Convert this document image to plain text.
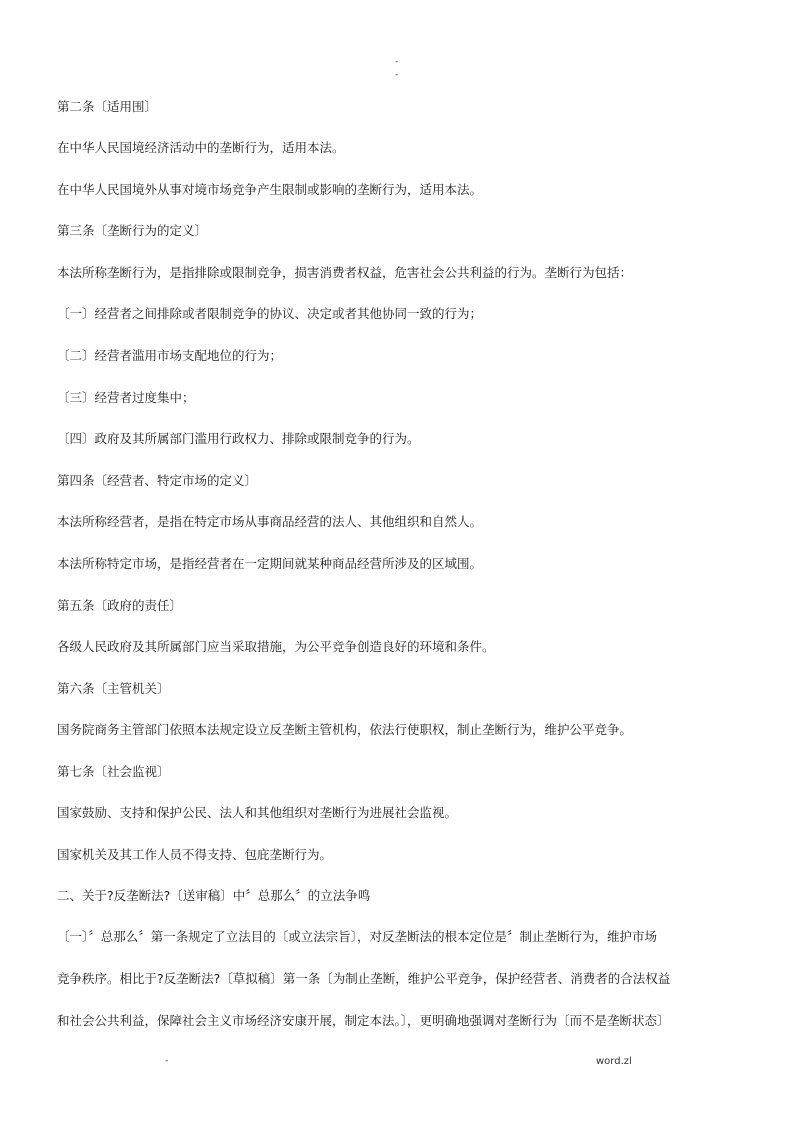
-
-
第二条〔适用围〕
在中华人民国境经济活动中的垄断行为，适用本法。
在中华人民国境外从事对境市场竞争产生限制或影响的垄断行为，适用本法。
第三条〔垄断行为的定义〕
本法所称垄断行为，是指排除或限制竞争，损害消费者权益，危害社会公共利益的行为。垄断行为包括：
〔一〕经营者之间排除或者限制竞争的协议、决定或者其他协同一致的行为；
〔二〕经营者滥用市场支配地位的行为；
〔三〕经营者过度集中；
〔四〕政府及其所属部门滥用行政权力、排除或限制竞争的行为。
第四条〔经营者、特定市场的定义〕
本法所称经营者，是指在特定市场从事商品经营的法人、其他组织和自然人。
本法所称特定市场，是指经营者在一定期间就某种商品经营所涉及的区域围。
第五条〔政府的责任〕
各级人民政府及其所属部门应当采取措施，为公平竞争创造良好的环境和条件。
第六条〔主管机关〕
国务院商务主管部门依照本法规定设立反垄断主管机构，依法行使职权，制止垄断行为，维护公平竞争。
第七条〔社会监视〕
国家鼓励、支持和保护公民、法人和其他组织对垄断行为进展社会监视。
国家机关及其工作人员不得支持、包庇垄断行为。
二、关于?反垄断法?〔送审稿〕中〞总那么〞的立法争鸣
〔一〕〞总那么〞第一条规定了立法目的〔或立法宗旨〕，对反垄断法的根本定位是〞制止垄断行为，维护市场
竞争秩序。相比于?反垄断法?〔草拟稿〕第一条〔为制止垄断，维护公平竞争，保护经营者、消费者的合法权益
和社会公共利益，保障社会主义市场经济安康开展，制定本法。〕，更明确地强调对垄断行为〔而不是垄断状态〕
-	word.zl
